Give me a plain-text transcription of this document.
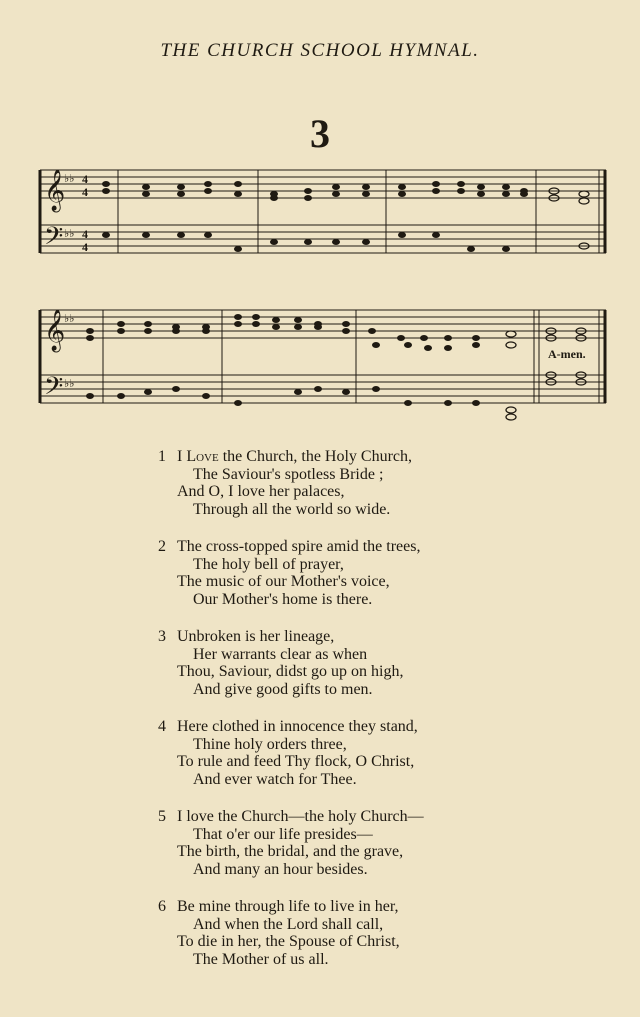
THE CHURCH SCHOOL HYMNAL.
3
𝄞
𝄢
♭♭
♭♭
4
4
4
4
𝄞
𝄢
♭♭
♭♭
A-men.
1 I Love the Church, the Holy Church,
The Saviour's spotless Bride ;
And O, I love her palaces,
Through all the world so wide.
2 The cross-topped spire amid the trees,
The holy bell of prayer,
The music of our Mother's voice,
Our Mother's home is there.
3 Unbroken is her lineage,
Her warrants clear as when
Thou, Saviour, didst go up on high,
And give good gifts to men.
4 Here clothed in innocence they stand,
Thine holy orders three,
To rule and feed Thy flock, O Christ,
And ever watch for Thee.
5 I love the Church—the holy Church—
That o'er our life presides—
The birth, the bridal, and the grave,
And many an hour besides.
6 Be mine through life to live in her,
And when the Lord shall call,
To die in her, the Spouse of Christ,
The Mother of us all.
